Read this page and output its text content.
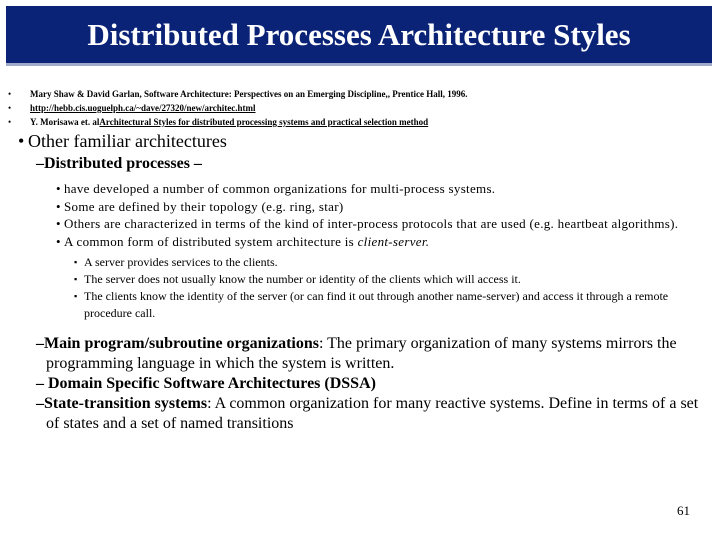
Distributed Processes Architecture Styles
•	Mary Shaw & David Garlan, Software Architecture: Perspectives on an Emerging Discipline,, Prentice Hall, 1996.
•	http://hebb.cis.uoguelph.ca/~dave/27320/new/architec.html
•	Y. Morisawa et. al Architectural Styles for distributed processing systems and practical selection method
• Other familiar architectures
–Distributed processes –
• have developed a number of common organizations for multi-process systems.
• Some are defined by their topology (e.g. ring, star)
• Others are characterized in terms of the kind of inter-process protocols that are used (e.g. heartbeat algorithms).
• A common form of distributed system architecture is client-server.
▪ A server provides services to the clients.
▪ The server does not usually know the number or identity of the clients which will access it.
▪ The clients know the identity of the server (or can find it out through another name-server) and access it through a remote procedure call.
–Main program/subroutine organizations: The primary organization of many systems mirrors the programming language in which the system is written.
– Domain Specific Software Architectures (DSSA)
–State-transition systems: A common organization for many reactive systems. Define in terms of a set of states and a set of named transitions
61
